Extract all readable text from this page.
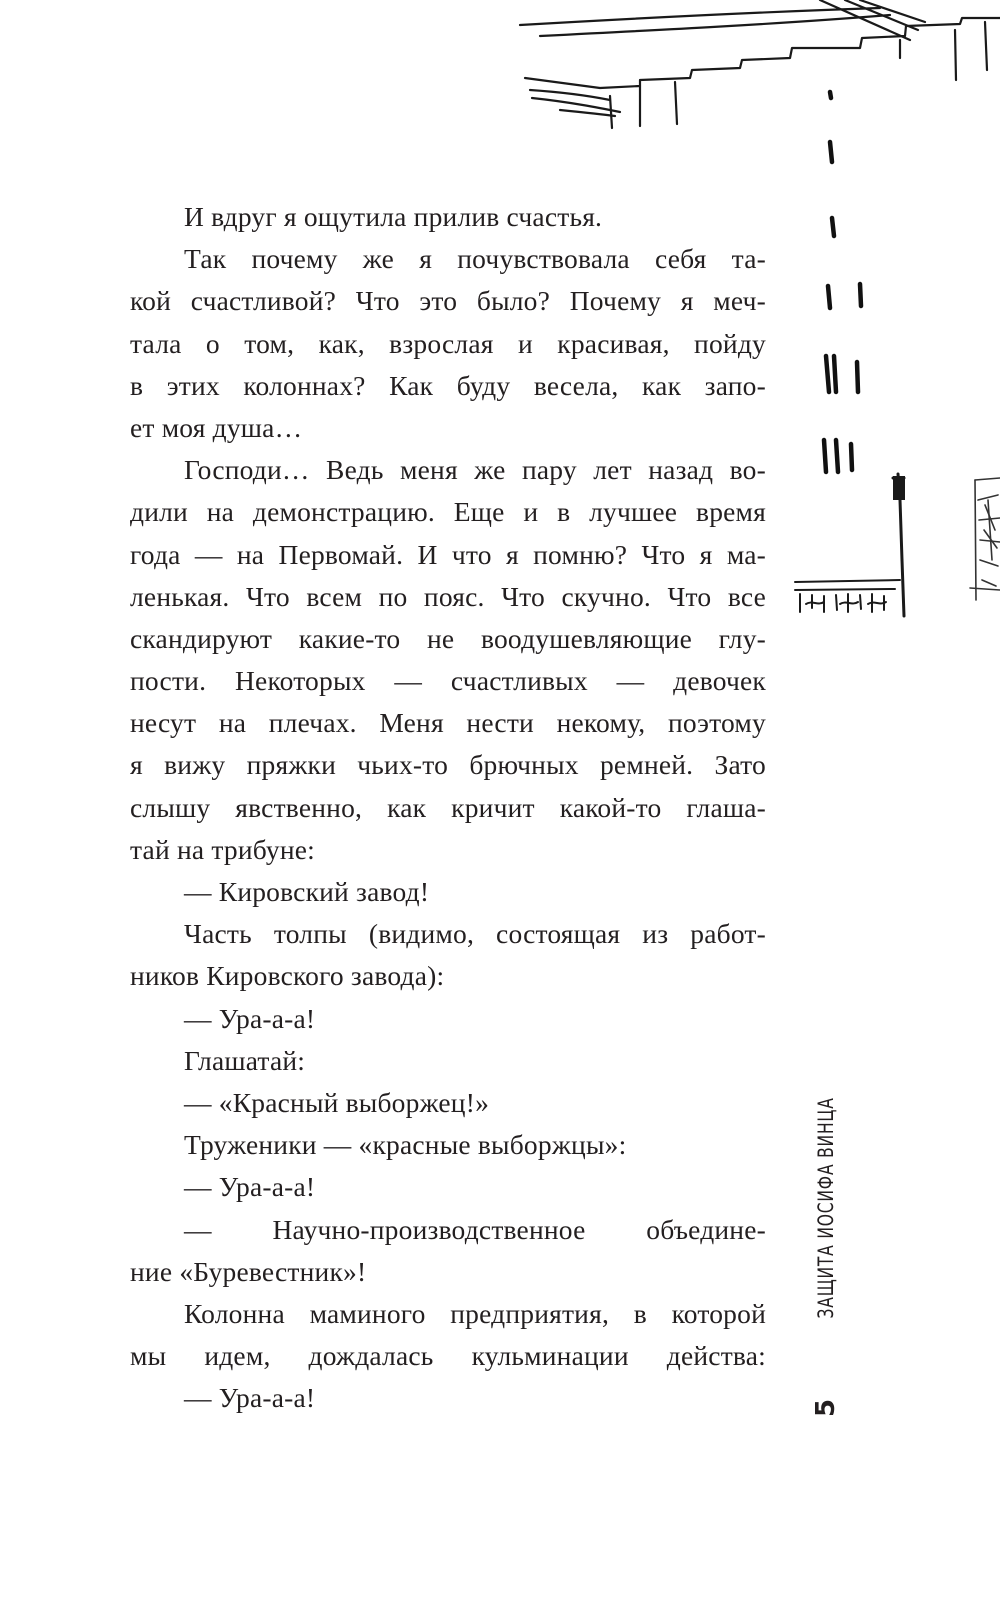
И вдруг я ощутила прилив счастья.
Так почему же я почувствовала себя та-
кой счастливой? Что это было? Почему я меч-
тала о том, как, взрослая и красивая, пойду
в этих колоннах? Как буду весела, как запо-
ет моя душа…
Господи… Ведь меня же пару лет назад во-
дили на демонстрацию. Еще и в лучшее время
года — на Первомай. И что я помню? Что я ма-
ленькая. Что всем по пояс. Что скучно. Что все
скандируют какие-то не воодушевляющие глу-
пости. Некоторых — счастливых — девочек
несут на плечах. Меня нести некому, поэтому
я вижу пряжки чьих-то брючных ремней. Зато
слышу явственно, как кричит какой-то глаша-
тай на трибуне:
— Кировский завод!
Часть толпы (видимо, состоящая из работ-
ников Кировского завода):
— Ура-а-а!
Глашатай:
— «Красный выборжец!»
Труженики — «красные выборжцы»:
— Ура-а-а!
— Научно-производственное объедине-
ние «Буревестник»!
Колонна маминого предприятия, в которой
мы идем, дождалась кульминации действа:
— Ура-а-а!	5
ЗАЩИТА ИОСИФА ВИНЦА
